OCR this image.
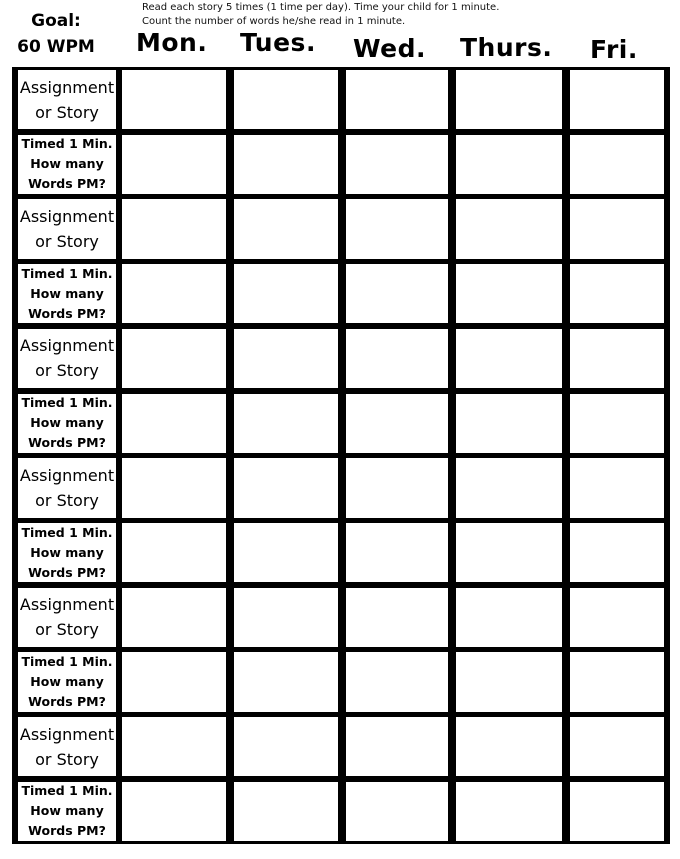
Goal:
60 WPM
Read each story 5 times (1 time per day). Time your child for 1 minute.
Count the number of words he/she read in 1 minute.
Mon. Tues. Wed. Thurs. Fri.
Assignment
or Story
Timed 1 Min.
How many
Words PM?
Assignment
or Story
Timed 1 Min.
How many
Words PM?
Assignment
or Story
Timed 1 Min.
How many
Words PM?
Assignment
or Story
Timed 1 Min.
How many
Words PM?
Assignment
or Story
Timed 1 Min.
How many
Words PM?
Assignment
or Story
Timed 1 Min.
How many
Words PM?
